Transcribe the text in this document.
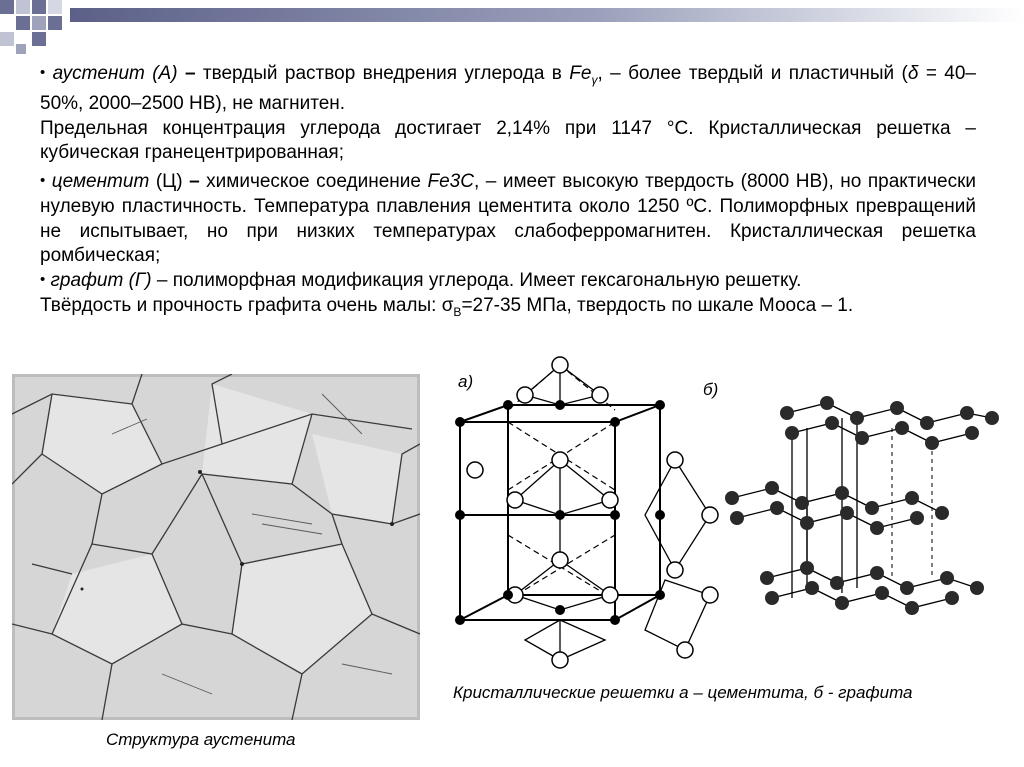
• аустенит (А) – твердый раствор внедрения углерода в $Fe_\gamma$, – более твердый и пластичный (δ = 40–50%, 2000–2500 НВ), не магнитен.

Предельная концентрация углерода достигает 2,14% при 1147 °С. Кристаллическая решетка – кубическая гранецентрированная;

• цементит (Ц) – химическое соединение Fe3C, – имеет высокую твердость (8000 НВ), но практически нулевую пластичность. Температура плавления цементита около 1250 ºС. Полиморфных превращений не испытывает, но при низких температурах слабоферромагнитен. Кристаллическая решетка ромбическая;

• графит (Г) – полиморфная модификация углерода. Имеет гексагональную решетку.

Твёрдость и прочность графита очень малы: $\sigma_В=27-35$ МПа, твердость по шкале Мооса – 1.

а)	б)
Кристаллические решетки а – цементита, б - графита
Структура аустенита
